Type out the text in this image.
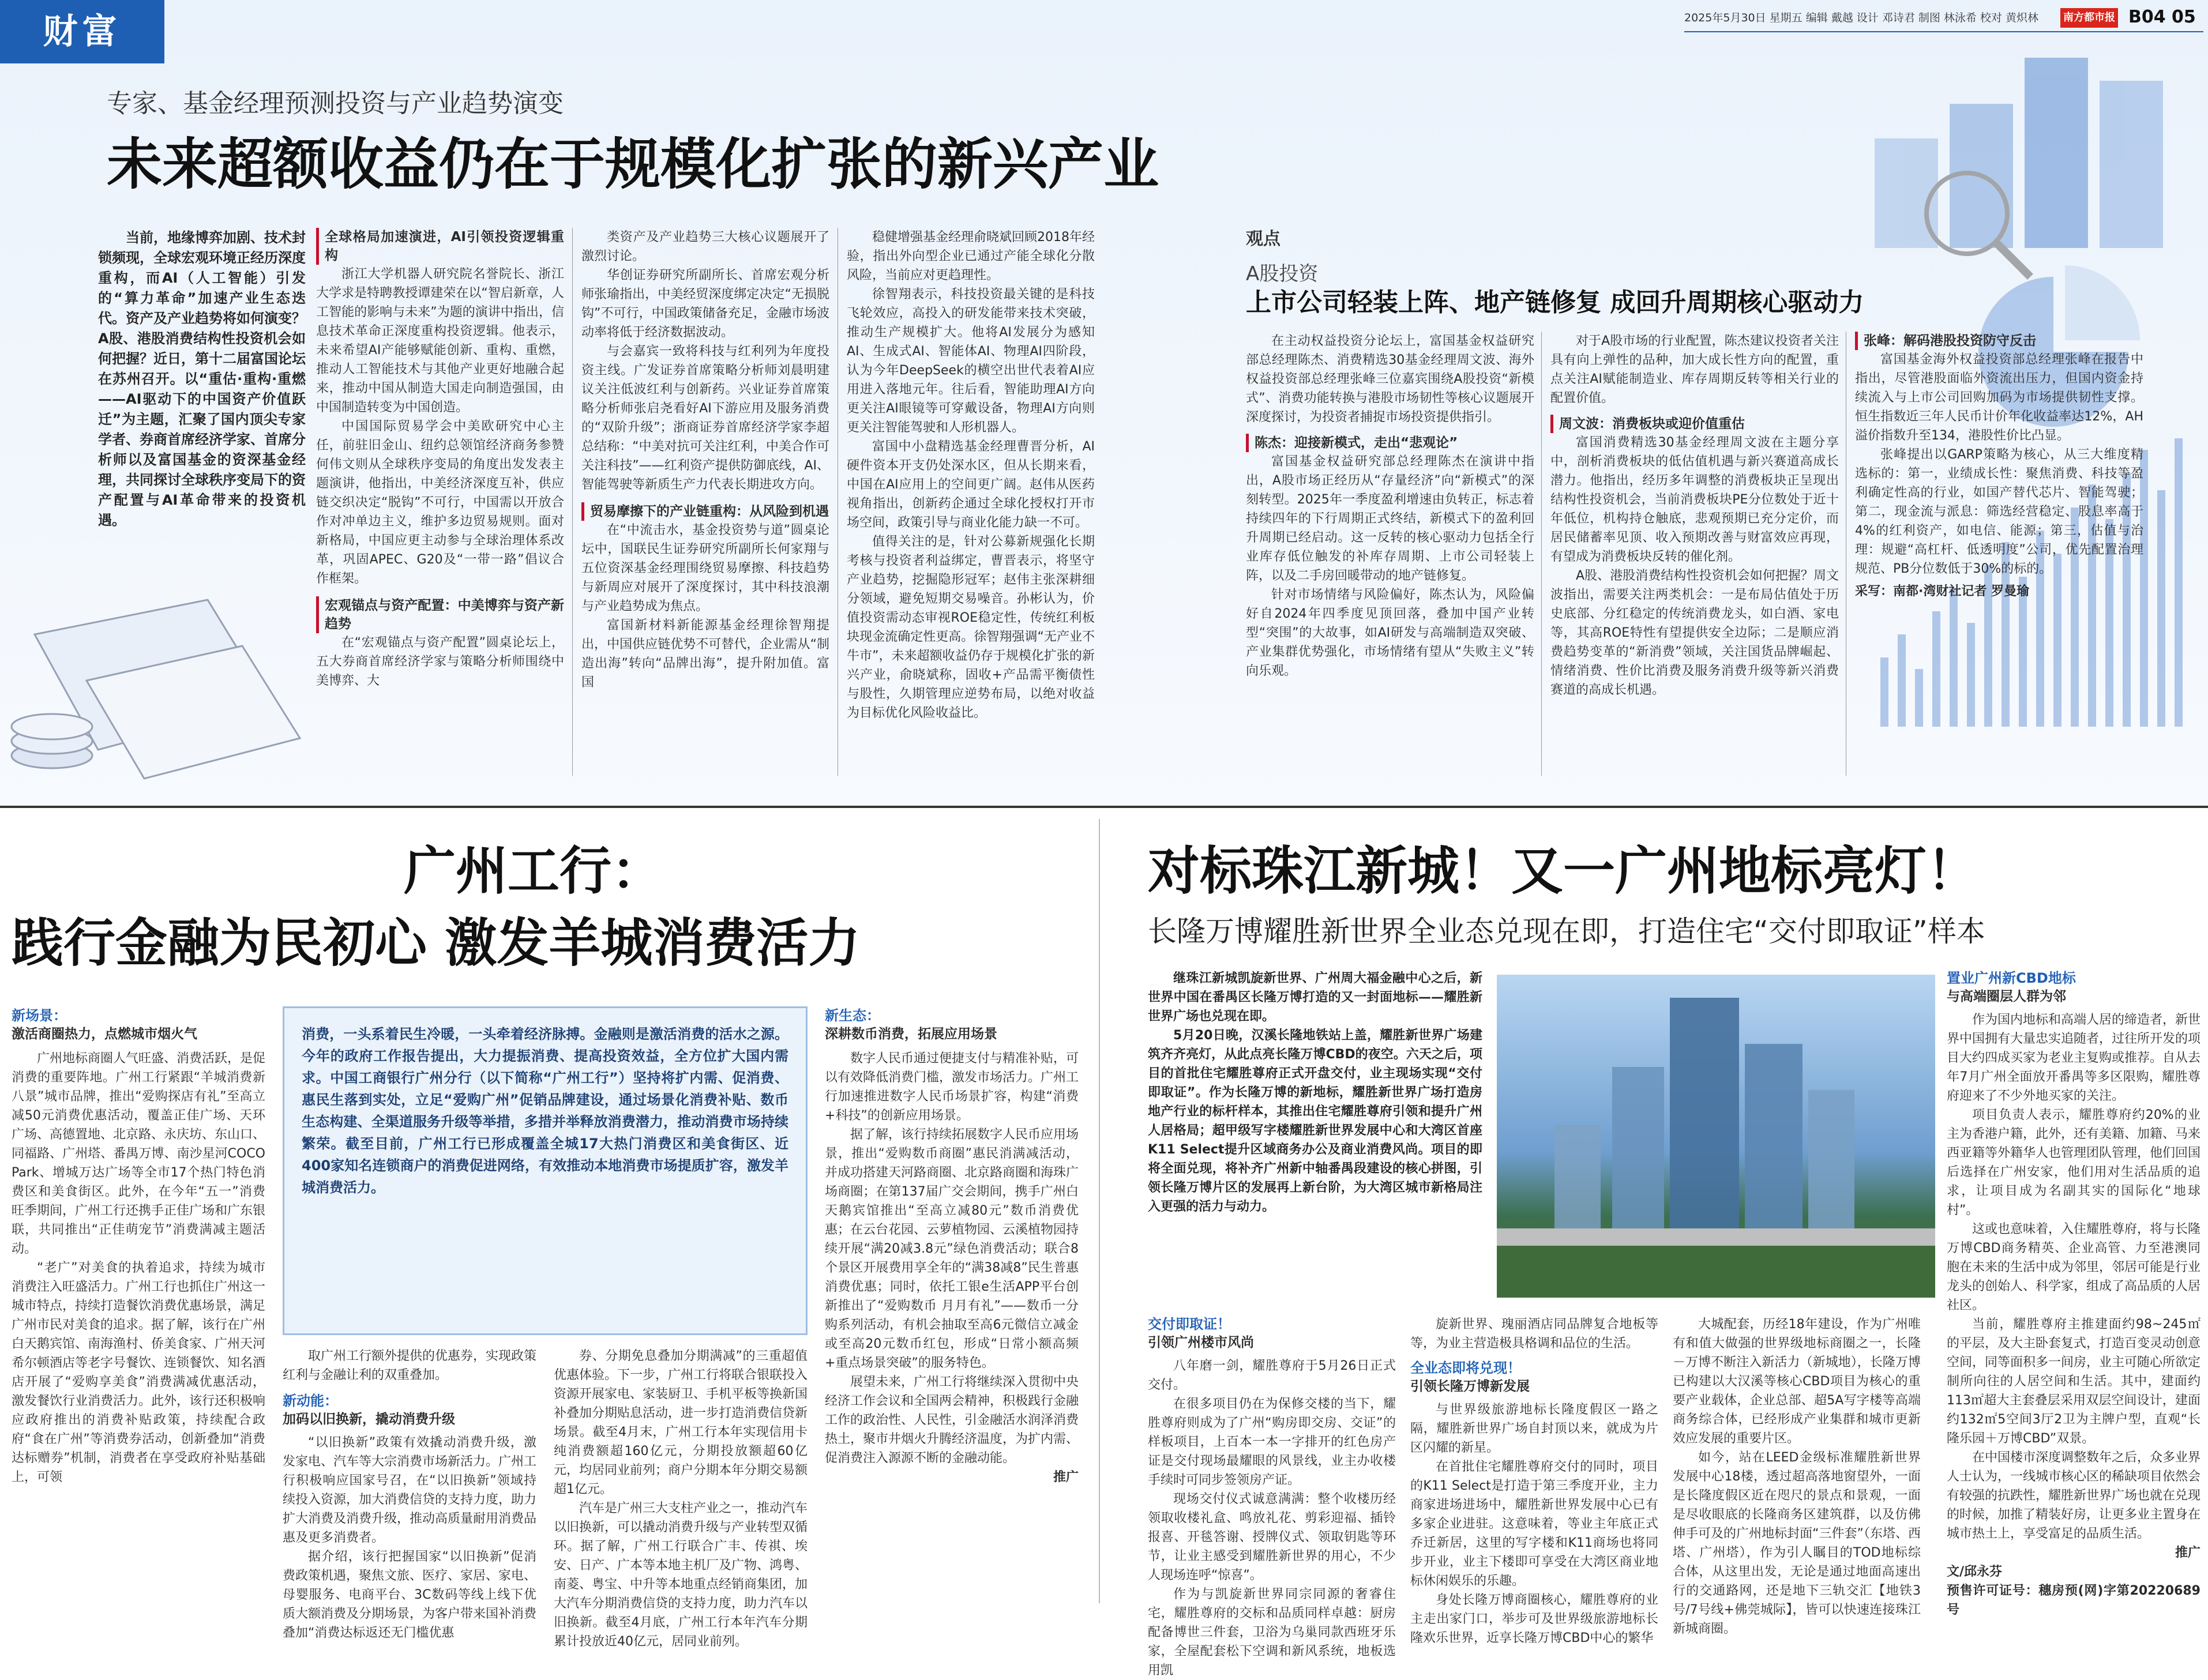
财富	2025年5月30日 星期五 编辑 戴越 设计 邓诗君 制图 林泳希 校对 黄炽林	南方都市报 B04 05
专家、基金经理预测投资与产业趋势演变
未来超额收益仍在于规模化扩张的新兴产业

当前，地缘博弈加剧、技术封锁频现，全球宏观环境正经历深度重构，而AI（人工智能）引发的“算力革命”加速产业生态迭代。资产及产业趋势将如何演变？A股、港股消费结构性投资机会如何把握？近日，第十二届富国论坛在苏州召开。以“重估·重构·重燃——AI驱动下的中国资产价值跃迁”为主题，汇聚了国内顶尖专家学者、券商首席经济学家、首席分析师以及富国基金的资深基金经理，共同探讨全球秩序变局下的资产配置与AI革命带来的投资机遇。

全球格局加速演进，AI引领投资逻辑重构

浙江大学机器人研究院名誉院长、浙江大学求是特聘教授谭建荣在以“智启新章，人工智能的影响与未来”为题的演讲中指出，信息技术革命正深度重构投资逻辑。他表示，未来希望AI产能够赋能创新、重构、重燃，推动人工智能技术与其他产业更好地融合起来，推动中国从制造大国走向制造强国，由中国制造转变为中国创造。

中国国际贸易学会中美欧研究中心主任，前驻旧金山、纽约总领馆经济商务参赞何伟文则从全球秩序变局的角度出发发表主题演讲，他指出，中美经济深度互补，供应链交织决定“脱钩”不可行，中国需以开放合作对冲单边主义，维护多边贸易规则。面对新格局，中国应更主动参与全球治理体系改革，巩固APEC、G20及“一带一路”倡议合作框架。

宏观锚点与资产配置：中美博弈与资产新趋势

在“宏观锚点与资产配置”圆桌论坛上，五大券商首席经济学家与策略分析师围绕中美博弈、大

类资产及产业趋势三大核心议题展开了激烈讨论。

华创证券研究所副所长、首席宏观分析师张瑜指出，中美经贸深度绑定决定“无损脱钩”不可行，中国政策储备充足，金融市场波动率将低于经济数据波动。

与会嘉宾一致将科技与红利列为年度投资主线。广发证券首席策略分析师刘晨明建议关注低波红利与创新药。兴业证券首席策略分析师张启尧看好AI下游应用及服务消费的“双阶升级”；浙商证券首席经济学家李超总结称：“中美对抗可关注红利，中美合作可关注科技”——红利资产提供防御底线，AI、智能驾驶等新质生产力代表长期进攻方向。

贸易摩擦下的产业链重构：从风险到机遇

在“中流击水，基金投资势与道”圆桌论坛中，国联民生证券研究所副所长何家翔与五位资深基金经理围绕贸易摩擦、科技趋势与新周应对展开了深度探讨，其中科技浪潮与产业趋势成为焦点。

富国新材料新能源基金经理徐智翔提出，中国供应链优势不可替代，企业需从“制造出海”转向“品牌出海”，提升附加值。富国

稳健增强基金经理俞晓斌回顾2018年经验，指出外向型企业已通过产能全球化分散风险，当前应对更趋理性。

徐智翔表示，科技投资最关键的是科技飞轮效应，高投入的研发能带来技术突破，推动生产规模扩大。他将AI发展分为感知AI、生成式AI、智能体AI、物理AI四阶段，认为今年DeepSeek的横空出世代表着AI应用进入落地元年。往后看，智能助理AI方向更关注AI眼镜等可穿戴设备，物理AI方向则更关注智能驾驶和人形机器人。

富国中小盘精选基金经理曹晋分析，AI硬件资本开支仍处深水区，但从长期来看，中国在AI应用上的空间更广阔。赵伟从医药视角指出，创新药企通过全球化授权打开市场空间，政策引导与商业化能力缺一不可。

值得关注的是，针对公募新规强化长期考核与投资者利益绑定，曹晋表示，将坚守产业趋势，挖掘隐形冠军；赵伟主张深耕细分领域，避免短期交易噪音。孙彬认为，价值投资需动态审视ROE稳定性，传统红利板块现金流确定性更高。徐智翔强调“无产业不牛市”，未来超额收益仍存于规模化扩张的新兴产业，俞晓斌称，固收+产品需平衡债性与股性，久期管理应逆势布局，以绝对收益为目标优化风险收益比。

观点
A股投资
上市公司轻装上阵、地产链修复 成回升周期核心驱动力

在主动权益投资分论坛上，富国基金权益研究部总经理陈杰、消费精选30基金经理周文波、海外权益投资部总经理张峰三位嘉宾围绕A股投资“新模式”、消费功能转换与港股市场韧性等核心议题展开深度探讨，为投资者捕捉市场投资提供指引。

陈杰：迎接新模式，走出“悲观论”

富国基金权益研究部总经理陈杰在演讲中指出，A股市场正经历从“存量经济”向“新模式”的深刻转型。2025年一季度盈利增速由负转正，标志着持续四年的下行周期正式终结，新模式下的盈利回升周期已经启动。这一反转的核心驱动力包括全行业库存低位触发的补库存周期、上市公司轻装上阵，以及二手房回暖带动的地产链修复。

针对市场情绪与风险偏好，陈杰认为，风险偏好自2024年四季度见顶回落，叠加中国产业转型“突围”的大故事，如AI研发与高端制造双突破、产业集群优势强化，市场情绪有望从“失败主义”转向乐观。

对于A股市场的行业配置，陈杰建议投资者关注具有向上弹性的品种，加大成长性方向的配置，重点关注AI赋能制造业、库存周期反转等相关行业的配置价值。

周文波：消费板块或迎价值重估

富国消费精选30基金经理周文波在主题分享中，剖析消费板块的低估值机遇与新兴赛道高成长潜力。他指出，经历多年调整的消费板块正呈现出结构性投资机会，当前消费板块PE分位数处于近十年低位，机构持仓触底，悲观预期已充分定价，而居民储蓄率见顶、收入预期改善与财富效应再现，有望成为消费板块反转的催化剂。

A股、港股消费结构性投资机会如何把握？周文波指出，需要关注两类机会：一是布局估值处于历史底部、分红稳定的传统消费龙头，如白酒、家电等，其高ROE特性有望提供安全边际；二是顺应消费趋势变革的“新消费”领域，关注国货品牌崛起、情绪消费、性价比消费及服务消费升级等新兴消费赛道的高成长机遇。

张峰：解码港股投资防守反击

富国基金海外权益投资部总经理张峰在报告中指出，尽管港股面临外资流出压力，但国内资金持续流入与上市公司回购加码为市场提供韧性支撑。恒生指数近三年人民币计价年化收益率达12%，AH溢价指数升至134，港股性价比凸显。

张峰提出以GARP策略为核心，从三大维度精选标的：第一，业绩成长性：聚焦消费、科技等盈利确定性高的行业，如国产替代芯片、智能驾驶；第二，现金流与派息：筛选经营稳定、股息率高于4%的红利资产，如电信、能源；第三，估值与治理：规避“高杠杆、低透明度”公司，优先配置治理规范、PB分位数低于30%的标的。

采写：南都·湾财社记者 罗曼瑜

广州工行：
践行金融为民初心 激发羊城消费活力
新场景：
激活商圈热力，点燃城市烟火气

广州地标商圈人气旺盛、消费活跃，是促消费的重要阵地。广州工行紧跟“羊城消费新八景”城市品牌，推出“爱购探店有礼”至高立减50元消费优惠活动，覆盖正佳广场、天环广场、高德置地、北京路、永庆坊、东山口、同福路、广州塔、番禺万博、南沙星河COCO Park、增城万达广场等全市17个热门特色消费区和美食街区。此外，在今年“五一”消费旺季期间，广州工行还携手正佳广场和广东银联，共同推出“正佳萌宠节”消费满减主题活动。

“老广”对美食的执着追求，持续为城市消费注入旺盛活力。广州工行也抓住广州这一城市特点，持续打造餐饮消费优惠场景，满足广州市民对美食的追求。据了解，该行在广州白天鹅宾馆、南海渔村、侨美食家、广州天河希尔顿酒店等老字号餐饮、连锁餐饮、知名酒店开展了“爱购享美食”消费满减优惠活动，激发餐饮行业消费活力。此外，该行还积极响应政府推出的消费补贴政策，持续配合政府“食在广州”等消费券活动，创新叠加“消费达标赠券”机制，消费者在享受政府补贴基础上，可领

消费，一头系着民生冷暖，一头牵着经济脉搏。金融则是激活消费的活水之源。今年的政府工作报告提出，大力提振消费、提高投资效益，全方位扩大国内需求。中国工商银行广州分行（以下简称“广州工行”）坚持将扩内需、促消费、惠民生落到实处，立足“爱购广州”促销品牌建设，通过场景化消费补贴、数币生态构建、全渠道服务升级等举措，多措并举释放消费潜力，推动消费市场持续繁荣。截至目前，广州工行已形成覆盖全城17大热门消费区和美食街区、近400家知名连锁商户的消费促进网络，有效推动本地消费市场提质扩容，激发羊城消费活力。

取广州工行额外提供的优惠券，实现政策红利与金融让利的双重叠加。

新动能：
加码以旧换新，撬动消费升级

“以旧换新”政策有效撬动消费升级，激发家电、汽车等大宗消费市场新活力。广州工行积极响应国家号召，在“以旧换新”领域持续投入资源，加大消费信贷的支持力度，助力扩大消费及消费升级，推动高质量耐用消费品惠及更多消费者。

据介绍，该行把握国家“以旧换新”促消费政策机遇，聚焦文旅、医疗、家居、家电、母婴服务、电商平台、3C数码等线上线下优质大额消费及分期场景，为客户带来国补消费叠加“消费达标返还无门槛优惠

券、分期免息叠加分期满减”的三重超值优惠体验。下一步，广州工行将联合银联投入资源开展家电、家装厨卫、手机平板等换新国补叠加分期贴息活动，进一步打造消费信贷新场景。截至4月末，广州工行本年实现信用卡纯消费额超160亿元，分期投放额超60亿元，均居同业前列；商户分期本年分期交易额超1亿元。

汽车是广州三大支柱产业之一，推动汽车以旧换新，可以撬动消费升级与产业转型双循环。据了解，广州工行联合广丰、传祺、埃安、日产、广本等本地主机厂及广物、鸿粤、南菱、粤宝、中升等本地重点经销商集团，加大汽车分期消费信贷的支持力度，助力汽车以旧换新。截至4月底，广州工行本年汽车分期累计投放近40亿元，居同业前列。

新生态：
深耕数币消费，拓展应用场景

数字人民币通过便捷支付与精准补贴，可以有效降低消费门槛，激发市场活力。广州工行加速推进数字人民币场景扩容，构建“消费+科技”的创新应用场景。

据了解，该行持续拓展数字人民币应用场景，推出“爱购数币商圈”惠民消满减活动，并成功搭建天河路商圈、北京路商圈和海珠广场商圈；在第137届广交会期间，携手广州白天鹅宾馆推出“至高立减80元”数币消费优惠；在云台花园、云萝植物园、云溪植物园持续开展“满20减3.8元”绿色消费活动；联合8个景区开展费用享全年的“满38减8”民生普惠消费优惠；同时，依托工银e生活APP平台创新推出了“爱购数币 月月有礼”——数币一分购系列活动，有机会抽取至高6元微信立减金或至高20元数币红包，形成“日常小额高频+重点场景突破”的服务特色。

展望未来，广州工行将继续深入贯彻中央经济工作会议和全国两会精神，积极践行金融工作的政治性、人民性，引金融活水润泽消费热土，聚市井烟火升腾经济温度，为扩内需、促消费注入源源不断的金融动能。

推广

对标珠江新城！又一广州地标亮灯！
长隆万博耀胜新世界全业态兑现在即，打造住宅“交付即取证”样本

继珠江新城凯旋新世界、广州周大福金融中心之后，新世界中国在番禺区长隆万博打造的又一封面地标——耀胜新世界广场也兑现在即。

5月20日晚，汉溪长隆地铁站上盖，耀胜新世界广场建筑齐齐亮灯，从此点亮长隆万博CBD的夜空。六天之后，项目的首批住宅耀胜尊府正式开盘交付，业主现场实现“交付即取证”。作为长隆万博的新地标，耀胜新世界广场打造房地产行业的标杆样本，其推出住宅耀胜尊府引领和提升广州人居格局；超甲级写字楼耀胜新世界发展中心和大湾区首座K11 Select提升区域商务办公及商业消费风尚。项目的即将全面兑现，将补齐广州新中轴番禺段建设的核心拼图，引领长隆万博片区的发展再上新台阶，为大湾区城市新格局注入更强的活力与动力。

交付即取证！
引领广州楼市风尚

八年磨一剑，耀胜尊府于5月26日正式交付。

在很多项目仍在为保修交楼的当下，耀胜尊府则成为了广州“购房即交房、交证”的样板项目，上百本一本一字排开的红色房产证是交付现场最耀眼的风景线，业主办收楼手续时可同步签领房产证。

现场交付仪式诚意满满：整个收楼历经领取收楼礼盒、鸣放礼花、剪彩迎福、插铃报喜、开毯答谢、授牌仪式、领取钥匙等环节，让业主感受到耀胜新世界的用心，不少人现场连呼“惊喜”。

作为与凯旋新世界同宗同源的奢睿住宅，耀胜尊府的交标和品质同样卓越：厨房配备博世三件套，卫浴为乌巢同款西班牙乐家，全屋配套松下空调和新风系统，地板选用凯

旋新世界、瑰丽酒店同品牌复合地板等等，为业主营造极具格调和品位的生活。

全业态即将兑现！
引领长隆万博新发展

与世界级旅游地标长隆度假区一路之隔，耀胜新世界广场自封顶以来，就成为片区闪耀的新星。

在首批住宅耀胜尊府交付的同时，项目的K11 Select是打造于第三季度开业，主力商家进场进场中，耀胜新世界发展中心已有多家企业进驻。这意味着，等业主年底正式乔迁新居，这里的写字楼和K11商场也将同步开业，业主下楼即可享受在大湾区商业地标休闲娱乐的乐趣。

身处长隆万博商圈核心，耀胜尊府的业主走出家门口，举步可及世界级旅游地标长隆欢乐世界，近享长隆万博CBD中心的繁华

大城配套，历经18年建设，作为广州唯有和值大做强的世界级地标商圈之一，长隆－万博不断注入新活力（新城地），长隆万博已构建以大汉溪等核心CBD项目为核心的重要产业载体，企业总部、超5A写字楼等高端商务综合体，已经形成产业集群和城市更新效应发展的重要片区。

如今，站在LEED金级标准耀胜新世界发展中心18楼，透过超高落地窗望外，一面是长隆度假区近在咫尺的景点和景观，一面是尽收眼底的长隆商务区建筑群，以及仿佛伸手可及的广州地标封面“三件套”（东塔、西塔、广州塔），作为引人瞩目的TOD地标综合体，从这里出发，无论是通过地面高速出行的交通路网，还是地下三轨交汇【地铁3号/7号线+佛莞城际】，皆可以快速连接珠江新城商圈。

置业广州新CBD地标
与高端圈层人群为邻

作为国内地标和高端人居的缔造者，新世界中国拥有大量忠实追随者，过往所开发的项目大约四成买家为老业主复购或推荐。自从去年7月广州全面放开番禺等多区限购，耀胜尊府迎来了不少外地买家的关注。

项目负责人表示，耀胜尊府约20%的业主为香港户籍，此外，还有美籍、加籍、马来西亚籍等外籍华人也管理团队管理，他们回国后选择在广州安家，他们用对生活品质的追求，让项目成为名副其实的国际化“地球村”。

这或也意味着，入住耀胜尊府，将与长隆万博CBD商务精英、企业高管、力至港澳同胞在未来的生活中成为邻里，邻居可能是行业龙头的创始人、科学家，组成了高品质的人居社区。

当前，耀胜尊府主推建面约98~245㎡的平层，及大主卧套复式，打造百变灵动创意空间，同等面积多一间房，业主可随心所欲定制所向往的人居空间和生活。其中，建面约113㎡超大主套叠层采用双层空间设计，建面约132㎡5空间3厅2卫为主牌户型，直观“长隆乐园＋万博CBD”双景。

在中国楼市深度调整数年之后，众多业界人士认为，一线城市核心区的稀缺项目依然会有较强的抗跌性，耀胜新世界广场也就在兑现的时候，加推了精装好房，让更多业主置身在城市热土上，享受富足的品质生活。

推广

文/邱永芬

预售许可证号：穗房预(网)字第20220689号
